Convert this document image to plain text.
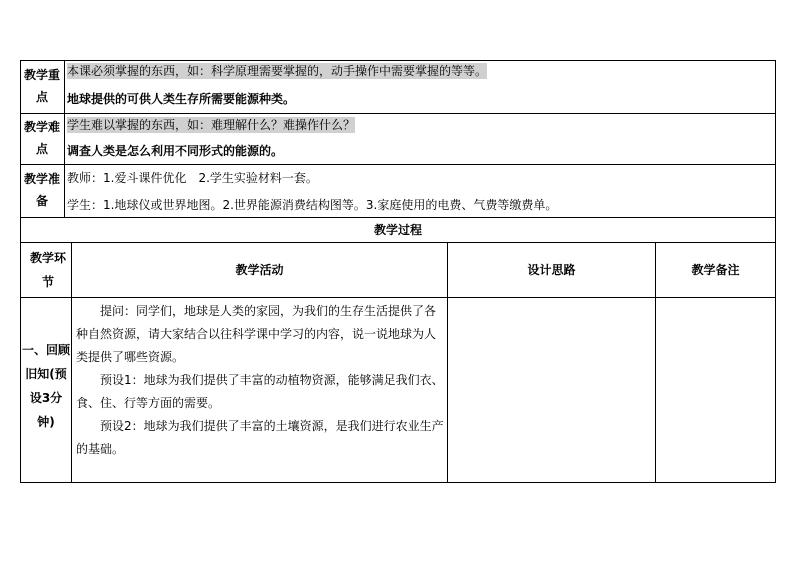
教学重点
本课必须掌握的东西，如：科学原理需要掌握的，动手操作中需要掌握的等等。
地球提供的可供人类生存所需要能源种类。
教学难点
学生难以掌握的东西，如：难理解什么？难操作什么？
调查人类是怎么利用不同形式的能源的。
教学准备
教师：1.爱斗课件优化　2.学生实验材料一套。
学生：1.地球仪或世界地图。2.世界能源消费结构图等。3.家庭使用的电费、气费等缴费单。
教学过程
教学环节
教学活动	设计思路	教学备注
一、回顾旧知(预设3分钟)

提问：同学们，地球是人类的家园，为我们的生存生活提供了各种自然资源，请大家结合以往科学课中学习的内容，说一说地球为人类提供了哪些资源。

预设1：地球为我们提供了丰富的动植物资源，能够满足我们衣、食、住、行等方面的需要。

预设2：地球为我们提供了丰富的土壤资源，是我们进行农业生产的基础。
